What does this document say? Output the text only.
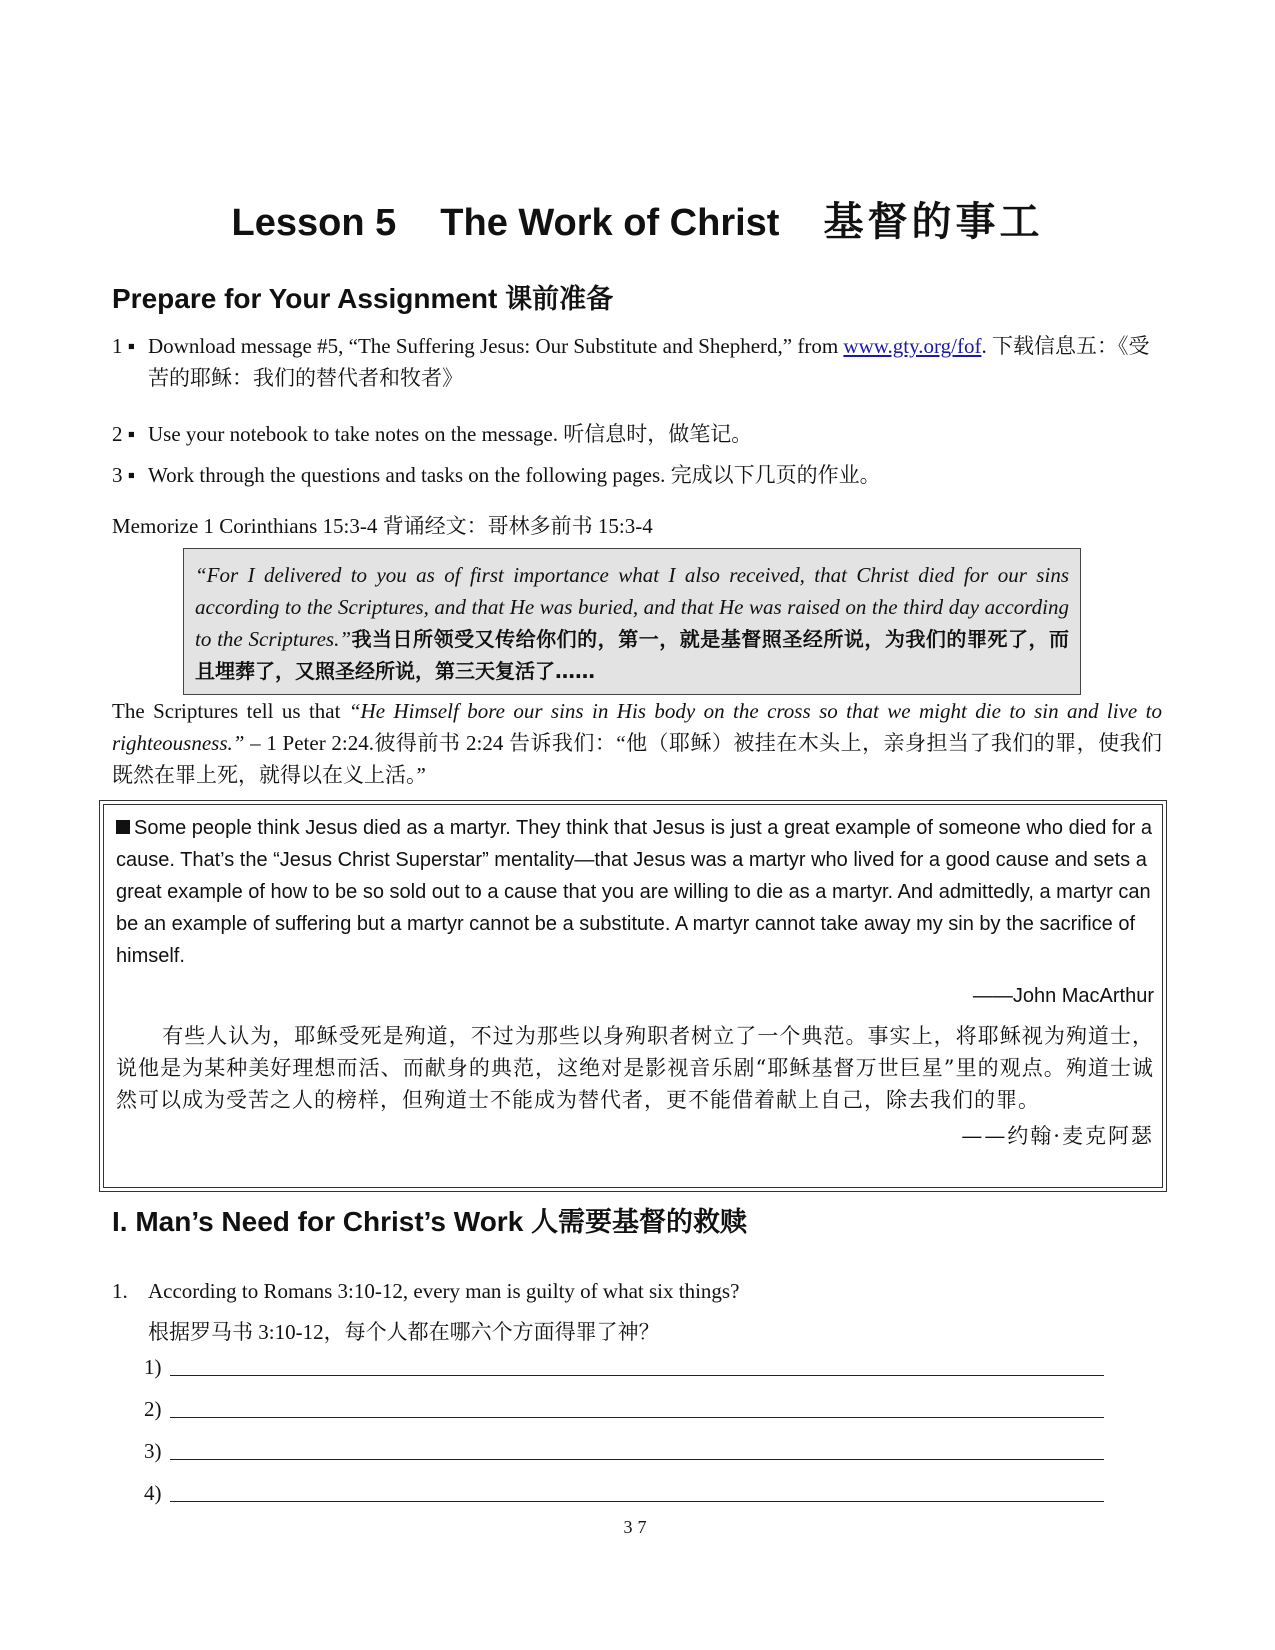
Lesson 5 The Work of Christ 基督的事工
Prepare for Your Assignment 课前准备
1 ▪ Download message #5, “The Suffering Jesus: Our Substitute and Shepherd,” from www.gty.org/fof. 下载信息五：《受苦的耶稣：我们的替代者和牧者》
2 ▪ Use your notebook to take notes on the message. 听信息时，做笔记。
3 ▪ Work through the questions and tasks on the following pages. 完成以下几页的作业。
Memorize 1 Corinthians 15:3-4 背诵经文：哥林多前书 15:3-4
“For I delivered to you as of first importance what I also received, that Christ died for our sins according to the Scriptures, and that He was buried, and that He was raised on the third day according to the Scriptures.”我当日所领受又传给你们的，第一，就是基督照圣经所说，为我们的罪死了，而且埋葬了，又照圣经所说，第三天复活了……
The Scriptures tell us that “He Himself bore our sins in His body on the cross so that we might die to sin and live to righteousness.” – 1 Peter 2:24.彼得前书 2:24 告诉我们：“他（耶稣）被挂在木头上，亲身担当了我们的罪，使我们既然在罪上死，就得以在义上活。”
Some people think Jesus died as a martyr. They think that Jesus is just a great example of someone who died for a cause. That’s the “Jesus Christ Superstar” mentality—that Jesus was a martyr who lived for a good cause and sets a great example of how to be so sold out to a cause that you are willing to die as a martyr. And admittedly, a martyr can be an example of suffering but a martyr cannot be a substitute. A martyr cannot take away my sin by the sacrifice of himself.
——John MacArthur
有些人认为，耶稣受死是殉道，不过为那些以身殉职者树立了一个典范。事实上，将耶稣视为殉道士，说他是为某种美好理想而活、而献身的典范，这绝对是影视音乐剧“耶稣基督万世巨星”里的观点。殉道士诚然可以成为受苦之人的榜样，但殉道士不能成为替代者，更不能借着献上自己，除去我们的罪。
——约翰·麦克阿瑟
I. Man’s Need for Christ’s Work 人需要基督的救赎
1. According to Romans 3:10-12, every man is guilty of what six things?
根据罗马书 3:10-12，每个人都在哪六个方面得罪了神？
1)
2)
3)
4)
37
